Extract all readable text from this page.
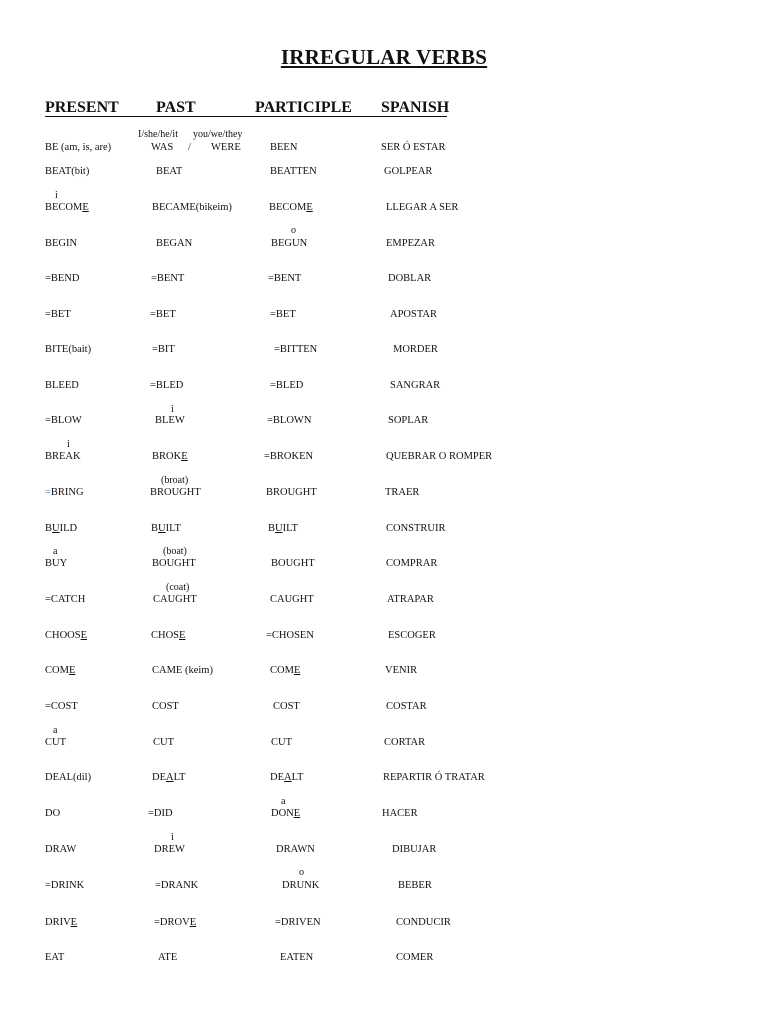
IRREGULAR VERBS
PRESENT PAST	PARTICIPLE SPANISH
I/she/he/it you/we/they
BE (am, is, are)	WAS / WERE	BEEN	SER Ó ESTAR
BEAT(bit)	BEAT	BEATTEN	GOLPEAR
i
BECOME	BECAME(bikeim)	BECOME	LLEGAR A SER
o
BEGIN	BEGAN	BEGUN	EMPEZAR
=BEND	=BENT	=BENT	DOBLAR
=BET	=BET	=BET	APOSTAR
BITE(bait)	=BIT	=BITTEN	MORDER
BLEED	=BLED	=BLED	SANGRAR
i
=BLOW	BLEW	=BLOWN	SOPLAR
i
BREAK	BROKE	=BROKEN	QUEBRAR O ROMPER
(broat)
=BRING	BROUGHT	BROUGHT	TRAER
BUILD	BUILT	BUILT	CONSTRUIR
a	(boat)
BUY	BOUGHT	BOUGHT	COMPRAR
(coat)
=CATCH	CAUGHT	CAUGHT	ATRAPAR
CHOOSE	CHOSE	=CHOSEN	ESCOGER
COME	CAME (keim)	COME	VENIR
=COST	COST	COST	COSTAR
a
CUT	CUT	CUT	CORTAR
DEAL(dil)	DEALT	DEALT	REPARTIR Ó TRATAR
a
DO	=DID	DONE	HACER
i
DRAW	DREW	DRAWN	DIBUJAR
o
=DRINK	=DRANK	DRUNK	BEBER
DRIVE	=DROVE	=DRIVEN	CONDUCIR
EAT	ATE	EATEN	COMER
